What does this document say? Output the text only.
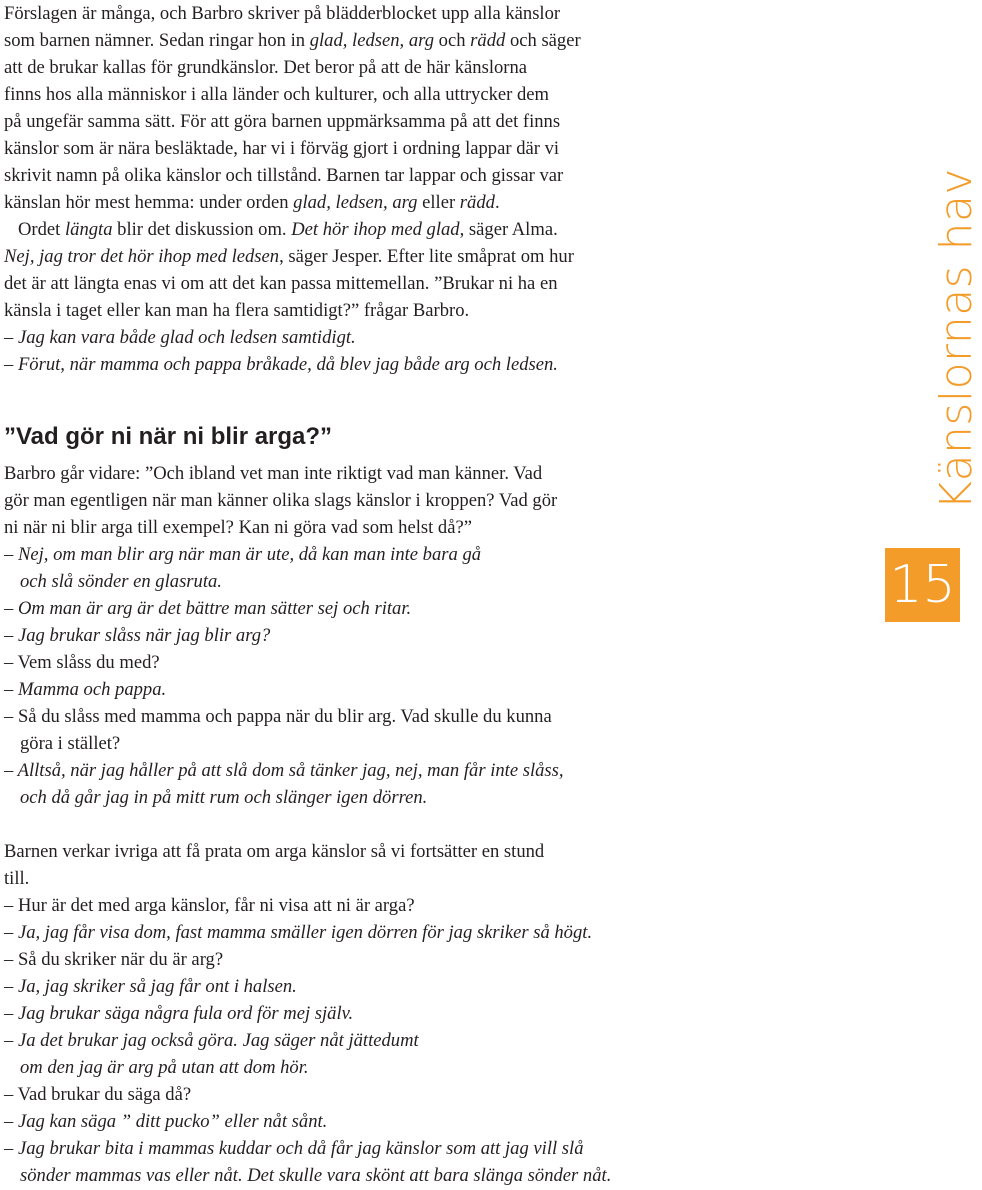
Förslagen är många, och Barbro skriver på blädderblocket upp alla känslor
som barnen nämner. Sedan ringar hon in glad, ledsen, arg och rädd och säger
att de brukar kallas för grundkänslor. Det beror på att de här känslorna
finns hos alla människor i alla länder och kulturer, och alla uttrycker dem
på ungefär samma sätt. För att göra barnen uppmärksamma på att det finns
känslor som är nära besläktade, har vi i förväg gjort i ordning lappar där vi
skrivit namn på olika känslor och tillstånd. Barnen tar lappar och gissar var
känslan hör mest hemma: under orden glad, ledsen, arg eller rädd.
Ordet längta blir det diskussion om. Det hör ihop med glad, säger Alma.
Nej, jag tror det hör ihop med ledsen, säger Jesper. Efter lite småprat om hur
det är att längta enas vi om att det kan passa mittemellan. ”Brukar ni ha en
känsla i taget eller kan man ha flera samtidigt?” frågar Barbro.
– Jag kan vara både glad och ledsen samtidigt.
– Förut, när mamma och pappa bråkade, då blev jag både arg och ledsen.
”Vad gör ni när ni blir arga?”
Barbro går vidare: ”Och ibland vet man inte riktigt vad man känner. Vad
gör man egentligen när man känner olika slags känslor i kroppen? Vad gör
ni när ni blir arga till exempel? Kan ni göra vad som helst då?”
– Nej, om man blir arg när man är ute, då kan man inte bara gå
och slå sönder en glasruta.
– Om man är arg är det bättre man sätter sej och ritar.
– Jag brukar slåss när jag blir arg?
– Vem slåss du med?
– Mamma och pappa.
– Så du slåss med mamma och pappa när du blir arg. Vad skulle du kunna
göra i stället?
– Alltså, när jag håller på att slå dom så tänker jag, nej, man får inte slåss,
och då går jag in på mitt rum och slänger igen dörren.
Barnen verkar ivriga att få prata om arga känslor så vi fortsätter en stund
till.
– Hur är det med arga känslor, får ni visa att ni är arga?
– Ja, jag får visa dom, fast mamma smäller igen dörren för jag skriker så högt.
– Så du skriker när du är arg?
– Ja, jag skriker så jag får ont i halsen.
– Jag brukar säga några fula ord för mej själv.
– Ja det brukar jag också göra. Jag säger nåt jättedumt
om den jag är arg på utan att dom hör.
– Vad brukar du säga då?
– Jag kan säga ” ditt pucko” eller nåt sånt.
– Jag brukar bita i mammas kuddar och då får jag känslor som att jag vill slå
sönder mammas vas eller nåt. Det skulle vara skönt att bara slänga sönder nåt.
Känslornas hav
15
